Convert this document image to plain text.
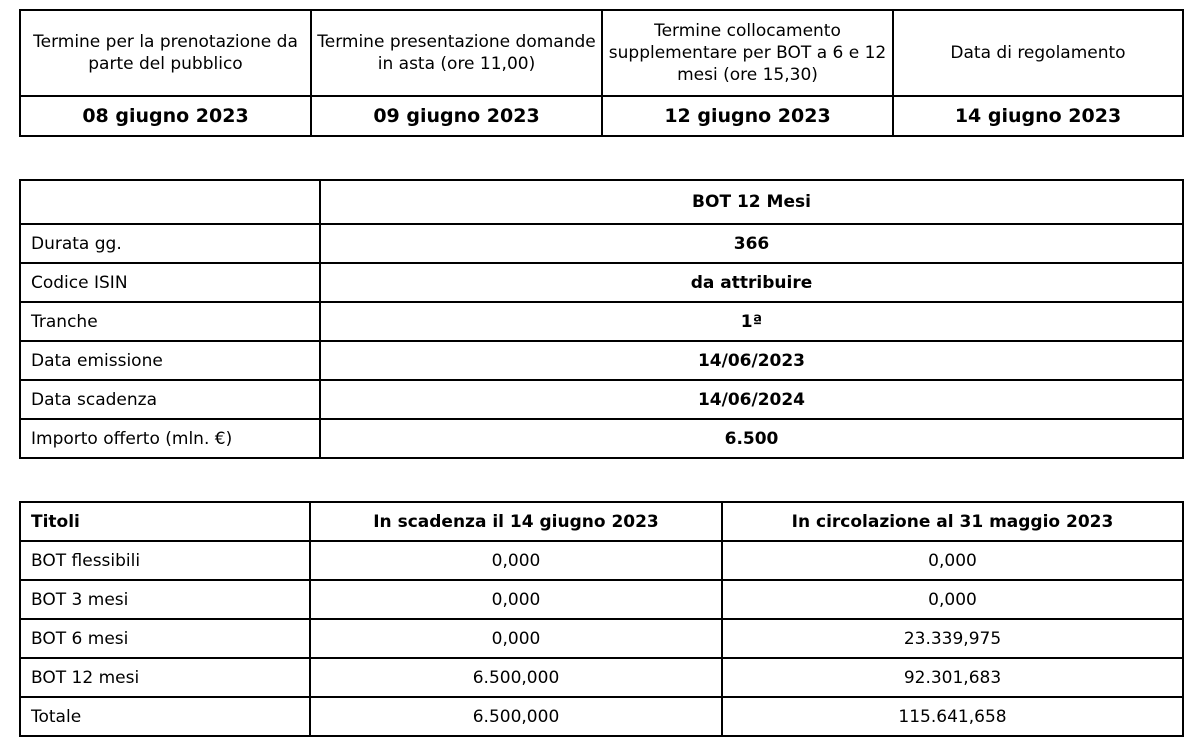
Termine per la prenotazione da parte del pubblico	Termine presentazione domande in asta (ore 11,00)	Termine collocamento supplementare per BOT a 6 e 12 mesi (ore 15,30)	Data di regolamento
08 giugno 2023	09 giugno 2023	12 giugno 2023	14 giugno 2023
	BOT 12 Mesi
Durata gg.	366
Codice ISIN	da attribuire
Tranche	1ª
Data emissione	14/06/2023
Data scadenza	14/06/2024
Importo offerto (mln. €)	6.500
Titoli	In scadenza il 14 giugno 2023	In circolazione al 31 maggio 2023
BOT flessibili	0,000	0,000
BOT 3 mesi	0,000	0,000
BOT 6 mesi	0,000	23.339,975
BOT 12 mesi	6.500,000	92.301,683
Totale	6.500,000	115.641,658
